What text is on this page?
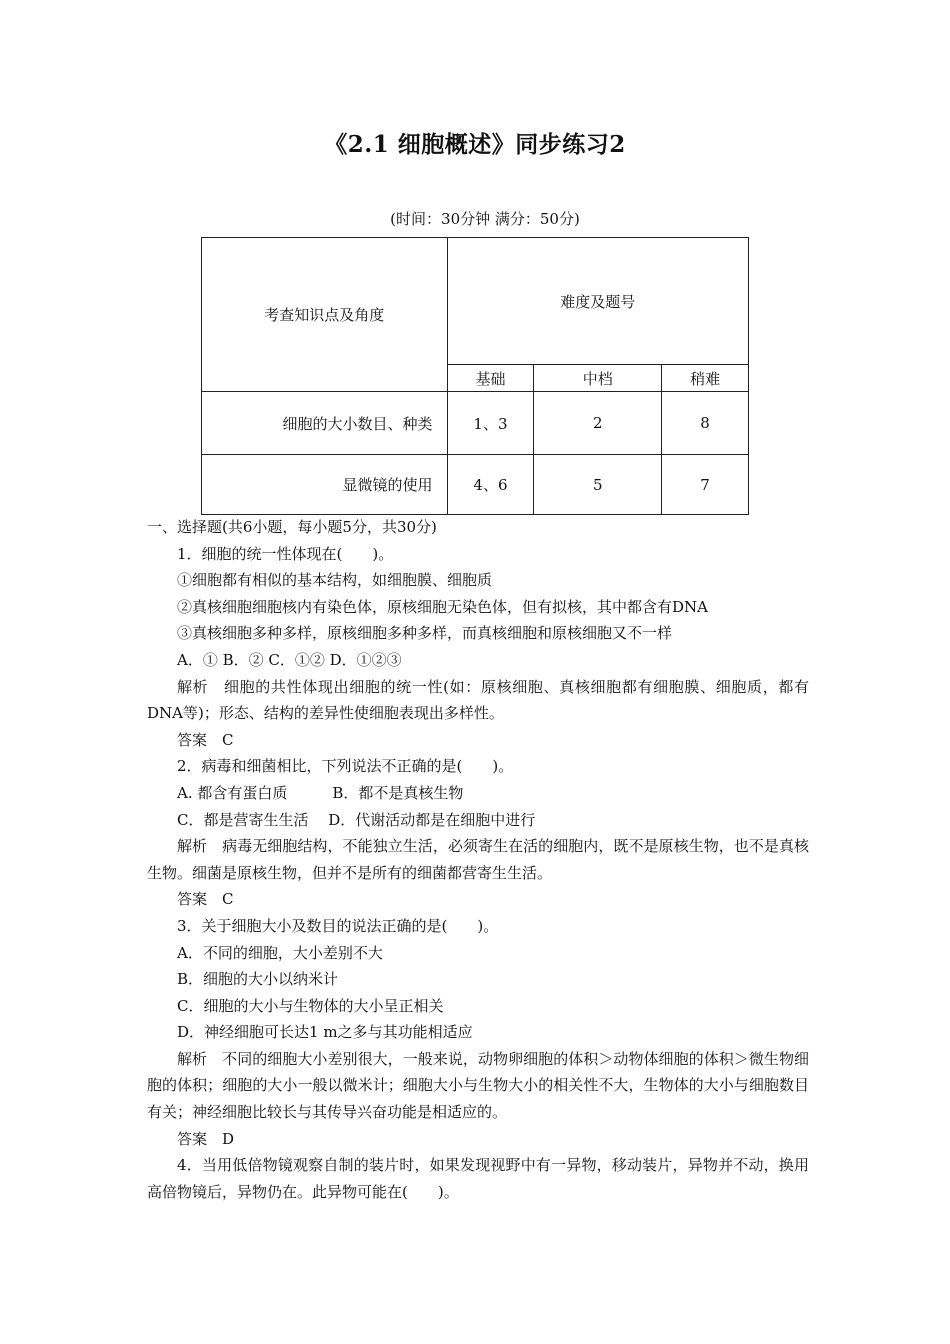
《2.1 细胞概述》同步练习2
(时间：30分钟 满分：50分)
考查知识点及角度	难度及题号		
	基础	中档	稍难
细胞的大小数目、种类	1、3	2	8
显微镜的使用	4、6	5	7

一、选择题(共6小题，每小题5分，共30分)

1．细胞的统一性体现在(　　)。

①细胞都有相似的基本结构，如细胞膜、细胞质

②真核细胞细胞核内有染色体，原核细胞无染色体，但有拟核，其中都含有DNA

③真核细胞多种多样，原核细胞多种多样，而真核细胞和原核细胞又不一样

A．① B．② C．①② D．①②③

解析　细胞的共性体现出细胞的统一性(如：原核细胞、真核细胞都有细胞膜、细胞质，都有DNA等)；形态、结构的差异性使细胞表现出多样性。

答案　C

2．病毒和细菌相比，下列说法不正确的是(　　)。

A. 都含有蛋白质　　　B．都不是真核生物

C．都是营寄生生活　 D．代谢活动都是在细胞中进行

解析　病毒无细胞结构，不能独立生活，必须寄生在活的细胞内，既不是原核生物，也不是真核生物。细菌是原核生物，但并不是所有的细菌都营寄生生活。

答案　C

3．关于细胞大小及数目的说法正确的是(　　)。

A．不同的细胞，大小差别不大

B．细胞的大小以纳米计

C．细胞的大小与生物体的大小呈正相关

D．神经细胞可长达1 m之多与其功能相适应

解析　不同的细胞大小差别很大，一般来说，动物卵细胞的体积＞动物体细胞的体积＞微生物细胞的体积；细胞的大小一般以微米计；细胞大小与生物大小的相关性不大，生物体的大小与细胞数目有关；神经细胞比较长与其传导兴奋功能是相适应的。

答案　D

4．当用低倍物镜观察自制的装片时，如果发现视野中有一异物，移动装片，异物并不动，换用高倍物镜后，异物仍在。此异物可能在(　　)。
